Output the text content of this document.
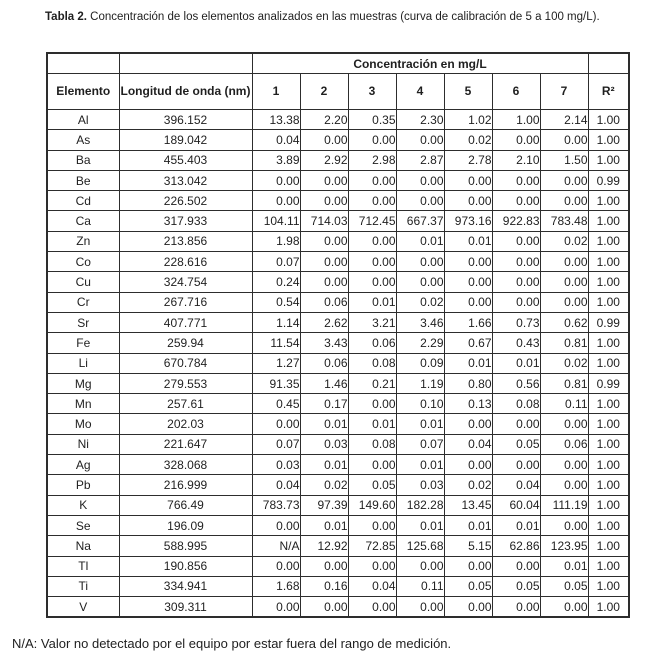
Tabla 2. Concentración de los elementos analizados en las muestras (curva de calibración de 5 a 100 mg/L).

		Concentración en mg/L							
Elemento	Longitud de onda (nm)	1	2	3	4	5	6	7	R²
Al	396.152	13.38	2.20	0.35	2.30	1.02	1.00	2.14	1.00
As	189.042	0.04	0.00	0.00	0.00	0.02	0.00	0.00	1.00
Ba	455.403	3.89	2.92	2.98	2.87	2.78	2.10	1.50	1.00
Be	313.042	0.00	0.00	0.00	0.00	0.00	0.00	0.00	0.99
Cd	226.502	0.00	0.00	0.00	0.00	0.00	0.00	0.00	1.00
Ca	317.933	104.11	714.03	712.45	667.37	973.16	922.83	783.48	1.00
Zn	213.856	1.98	0.00	0.00	0.01	0.01	0.00	0.02	1.00
Co	228.616	0.07	0.00	0.00	0.00	0.00	0.00	0.00	1.00
Cu	324.754	0.24	0.00	0.00	0.00	0.00	0.00	0.00	1.00
Cr	267.716	0.54	0.06	0.01	0.02	0.00	0.00	0.00	1.00
Sr	407.771	1.14	2.62	3.21	3.46	1.66	0.73	0.62	0.99
Fe	259.94	11.54	3.43	0.06	2.29	0.67	0.43	0.81	1.00
Li	670.784	1.27	0.06	0.08	0.09	0.01	0.01	0.02	1.00
Mg	279.553	91.35	1.46	0.21	1.19	0.80	0.56	0.81	0.99
Mn	257.61	0.45	0.17	0.00	0.10	0.13	0.08	0.11	1.00
Mo	202.03	0.00	0.01	0.01	0.01	0.00	0.00	0.00	1.00
Ni	221.647	0.07	0.03	0.08	0.07	0.04	0.05	0.06	1.00
Ag	328.068	0.03	0.01	0.00	0.01	0.00	0.00	0.00	1.00
Pb	216.999	0.04	0.02	0.05	0.03	0.02	0.04	0.00	1.00
K	766.49	783.73	97.39	149.60	182.28	13.45	60.04	111.19	1.00
Se	196.09	0.00	0.01	0.00	0.01	0.01	0.01	0.00	1.00
Na	588.995	N/A	12.92	72.85	125.68	5.15	62.86	123.95	1.00
Tl	190.856	0.00	0.00	0.00	0.00	0.00	0.00	0.01	1.00
Ti	334.941	1.68	0.16	0.04	0.11	0.05	0.05	0.05	1.00
V	309.311	0.00	0.00	0.00	0.00	0.00	0.00	0.00	1.00

N/A: Valor no detectado por el equipo por estar fuera del rango de medición.
